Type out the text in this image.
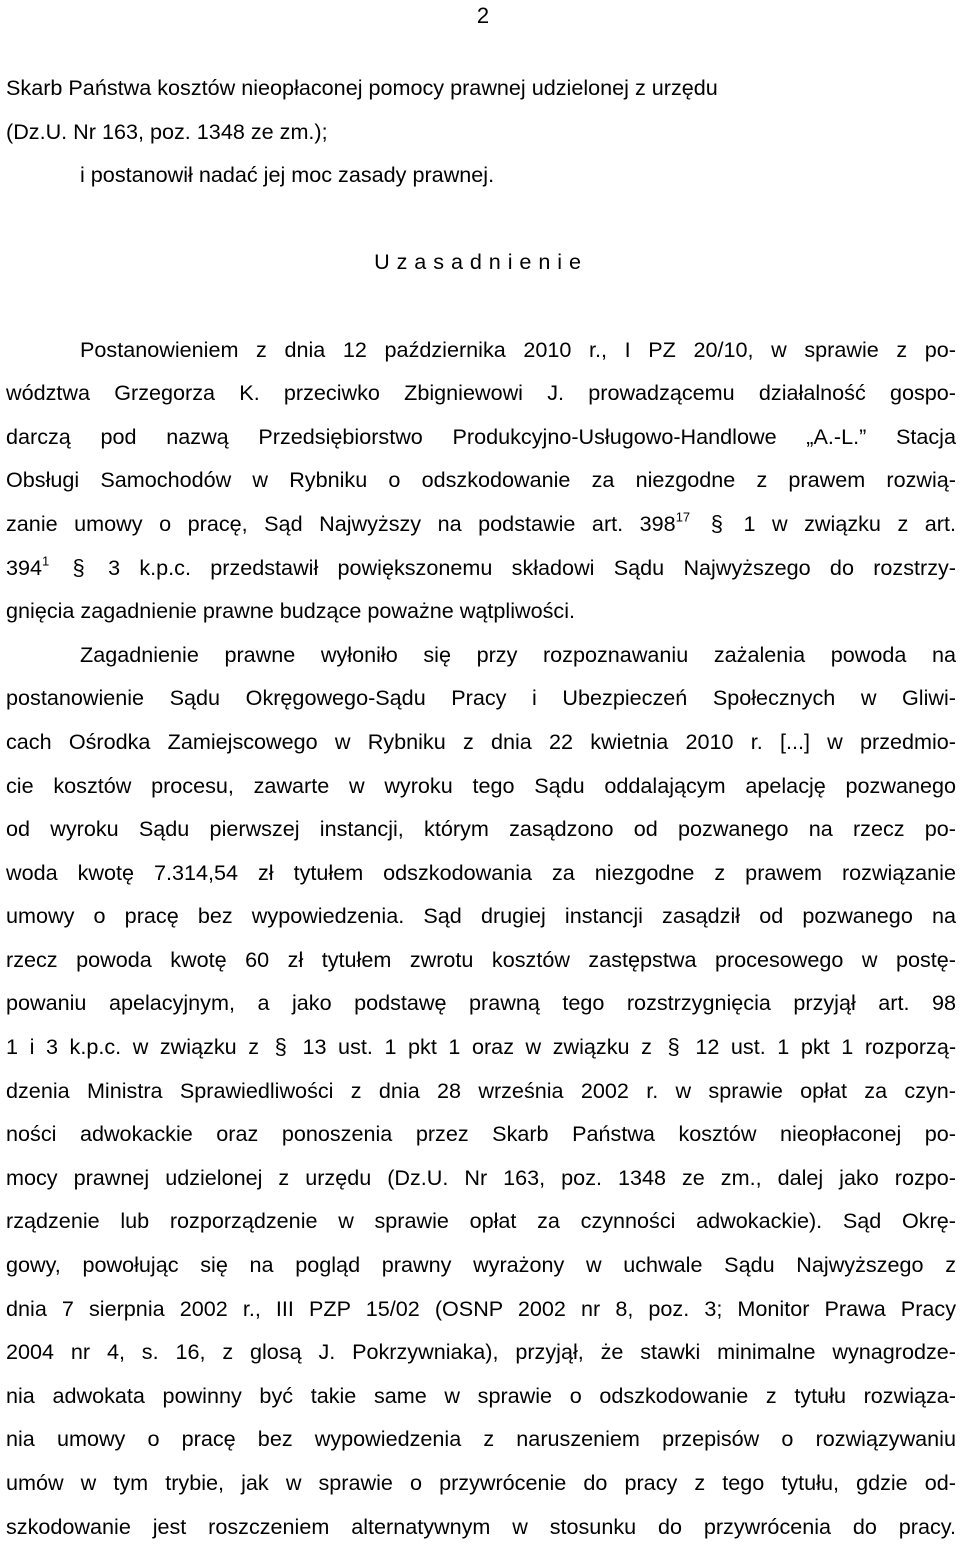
2
Skarb Państwa kosztów nieopłaconej pomocy prawnej udzielonej z urzędu
(Dz.U. Nr 163, poz. 1348 ze zm.);
i postanowił nadać jej moc zasady prawnej.
Uzasadnienie
Postanowieniem z dnia 12 października 2010 r., I PZ 20/10, w sprawie z po-
wództwa Grzegorza K. przeciwko Zbigniewowi J. prowadzącemu działalność gospo-
darczą pod nazwą Przedsiębiorstwo Produkcyjno-Usługowo-Handlowe „A.-L.” Stacja
Obsługi Samochodów w Rybniku o odszkodowanie za niezgodne z prawem rozwią-
zanie umowy o pracę, Sąd Najwyższy na podstawie art. $398^{17}$ § 1 w związku z art.
$394^1$ § 3 k.p.c. przedstawił powiększonemu składowi Sądu Najwyższego do rozstrzy-
gnięcia zagadnienie prawne budzące poważne wątpliwości.
Zagadnienie prawne wyłoniło się przy rozpoznawaniu zażalenia powoda na
postanowienie Sądu Okręgowego-Sądu Pracy i Ubezpieczeń Społecznych w Gliwi-
cach Ośrodka Zamiejscowego w Rybniku z dnia 22 kwietnia 2010 r. [...] w przedmio-
cie kosztów procesu, zawarte w wyroku tego Sądu oddalającym apelację pozwanego
od wyroku Sądu pierwszej instancji, którym zasądzono od pozwanego na rzecz po-
woda kwotę 7.314,54 zł tytułem odszkodowania za niezgodne z prawem rozwiązanie
umowy o pracę bez wypowiedzenia. Sąd drugiej instancji zasądził od pozwanego na
rzecz powoda kwotę 60 zł tytułem zwrotu kosztów zastępstwa procesowego w postę-
powaniu apelacyjnym, a jako podstawę prawną tego rozstrzygnięcia przyjął art. 98
1 i 3 k.p.c. w związku z § 13 ust. 1 pkt 1 oraz w związku z § 12 ust. 1 pkt 1 rozporzą-
dzenia Ministra Sprawiedliwości z dnia 28 września 2002 r. w sprawie opłat za czyn-
ności adwokackie oraz ponoszenia przez Skarb Państwa kosztów nieopłaconej po-
mocy prawnej udzielonej z urzędu (Dz.U. Nr 163, poz. 1348 ze zm., dalej jako rozpo-
rządzenie lub rozporządzenie w sprawie opłat za czynności adwokackie). Sąd Okrę-
gowy, powołując się na pogląd prawny wyrażony w uchwale Sądu Najwyższego z
dnia 7 sierpnia 2002 r., III PZP 15/02 (OSNP 2002 nr 8, poz. 3; Monitor Prawa Pracy
2004 nr 4, s. 16, z glosą J. Pokrzywniaka), przyjął, że stawki minimalne wynagrodze-
nia adwokata powinny być takie same w sprawie o odszkodowanie z tytułu rozwiąza-
nia umowy o pracę bez wypowiedzenia z naruszeniem przepisów o rozwiązywaniu
umów w tym trybie, jak w sprawie o przywrócenie do pracy z tego tytułu, gdzie od-
szkodowanie jest roszczeniem alternatywnym w stosunku do przywrócenia do pracy.
